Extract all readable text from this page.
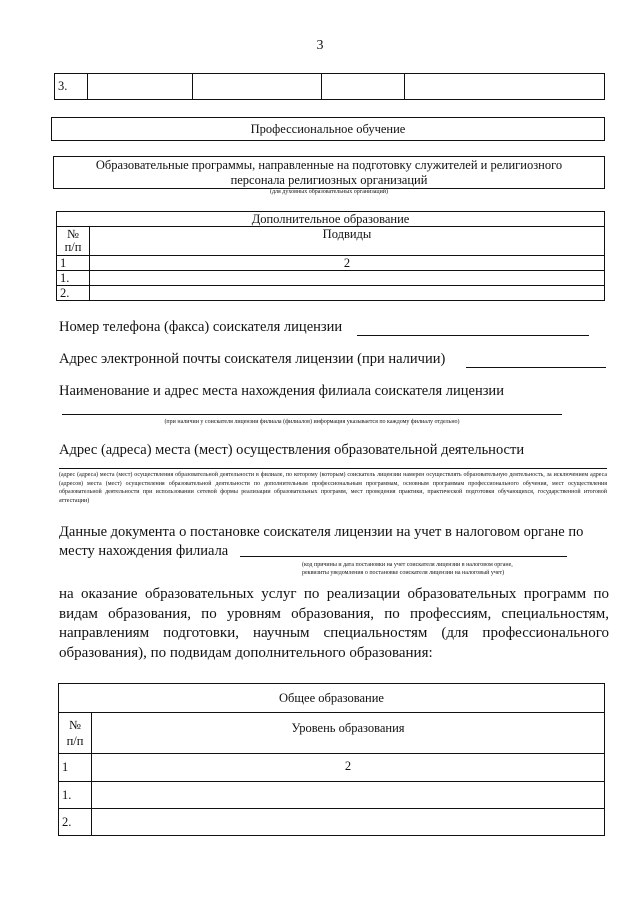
3
3.				
Профессиональное обучение
Образовательные программы, направленные на подготовку служителей и религиозного
персонала религиозных организаций
(для духовных образовательных организаций)
Дополнительное образование	

№
п/п	Подвиды
1	2
1.	
2.	
Номер телефона (факса) соискателя лицензии
Адрес электронной почты соискателя лицензии (при наличии)
Наименование и адрес места нахождения филиала соискателя лицензии
(при наличии у соискателя лицензии филиала (филиалов) информация указывается по каждому филиалу отдельно)
Адрес (адреса) места (мест) осуществления образовательной деятельности
(адрес (адреса) места (мест) осуществления образовательной деятельности в филиале, по которому (которым) соискатель лицензии намерен осуществлять образовательную деятельность, за исключением адреса (адресов) места (мест) осуществления образовательной деятельности по дополнительным профессиональным программам, основным программам профессионального обучения, мест осуществления образовательной деятельности при использовании сетевой формы реализации образовательных программ, мест проведения практики, практической подготовки обучающихся, государственной итоговой аттестации)
Данные документа о постановке соискателя лицензии на учет в налоговом органе по
месту нахождения филиала
(код причины и дата постановки на учет соискателя лицензии в налоговом органе,
реквизиты уведомления о постановке соискателя лицензии на налоговый учет)
на оказание образовательных услуг по реализации образовательных программ по видам образования, по уровням образования, по профессиям, специальностям, направлениям подготовки, научным специальностям (для профессионального образования), по подвидам дополнительного образования:
Общее образование	

№
п/п	Уровень образования
1	2
1.	
2.	
